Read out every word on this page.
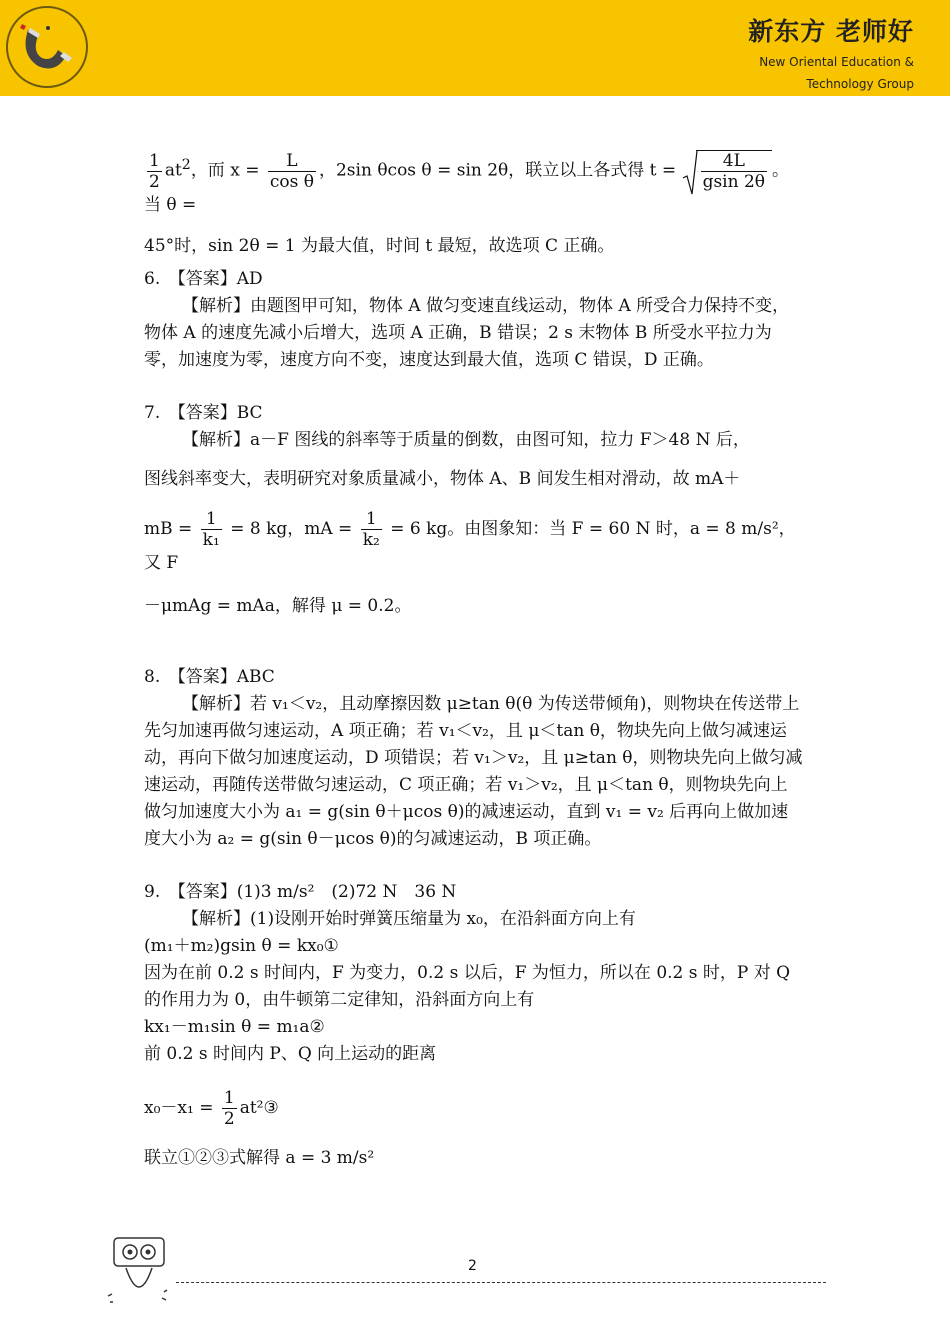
新东方 老师好
New Oriental Education &
Technology Group

$\frac{1}{2} at^2$，而 $x = \frac{L}{\text{cos θ}}$ ，2sin θcos θ = sin 2θ，联立以上各式得 $t = \frac{4L}{gsin 2\theta}$ 。当 θ =

45°时，sin 2θ = 1 为最大值，时间 t 最短，故选项 C 正确。

6.　【答案】AD

【解析】由题图甲可知，物体 A 做匀变速直线运动，物体 A 所受合力保持不变，物体 A 的速度先减小后增大，选项 A 正确，B 错误；2 s 末物体 B 所受水平拉力为零，加速度为零，速度方向不变，速度达到最大值，选项 C 错误，D 正确。

7.　【答案】BC

【解析】a－F 图线的斜率等于质量的倒数，由图可知，拉力 F＞48 N 后，

图线斜率变大，表明研究对象质量减小，物体 A、B 间发生相对滑动，故 mA＋

mB = $\frac{1}{\text{k₁}} = 8$ kg，mA = $\frac{1}{\text{k₂}} = 6$ kg。由图象知：当 F = 60 N 时，a = 8 m/s²，又 F

－μmAg = mAa，解得 μ = 0.2。

8.　【答案】ABC

【解析】若 v₁＜v₂，且动摩擦因数 μ≥tan θ(θ 为传送带倾角)，则物块在传送带上先匀加速再做匀速运动，A 项正确；若 v₁＜v₂，且 μ＜tan θ，物块先向上做匀减速运动，再向下做匀加速度运动，D 项错误；若 v₁＞v₂，且 μ≥tan θ，则物块先向上做匀减速运动，再随传送带做匀速运动，C 项正确；若 v₁＞v₂，且 μ＜tan θ，则物块先向上做匀加速度大小为 a₁ = g(sin θ＋μcos θ)的减速运动，直到 v₁ = v₂ 后再向上做加速度大小为 a₂ = g(sin θ－μcos θ)的匀减速运动，B 项正确。

9.　【答案】(1)3 m/s²　(2)72 N　36 N

【解析】(1)设刚开始时弹簧压缩量为 x₀，在沿斜面方向上有

(m₁＋m₂)gsin θ = kx₀①

因为在前 0.2 s 时间内，F 为变力，0.2 s 以后，F 为恒力，所以在 0.2 s 时，P 对 Q 的作用力为 0，由牛顿第二定律知，沿斜面方向上有

kx₁－m₁sin θ = m₁a②

前 0.2 s 时间内 P、Q 向上运动的距离

$x_0-x_1 = \frac{1}{2}$ at²③

联立①②③式解得 a = 3 m/s²

2
